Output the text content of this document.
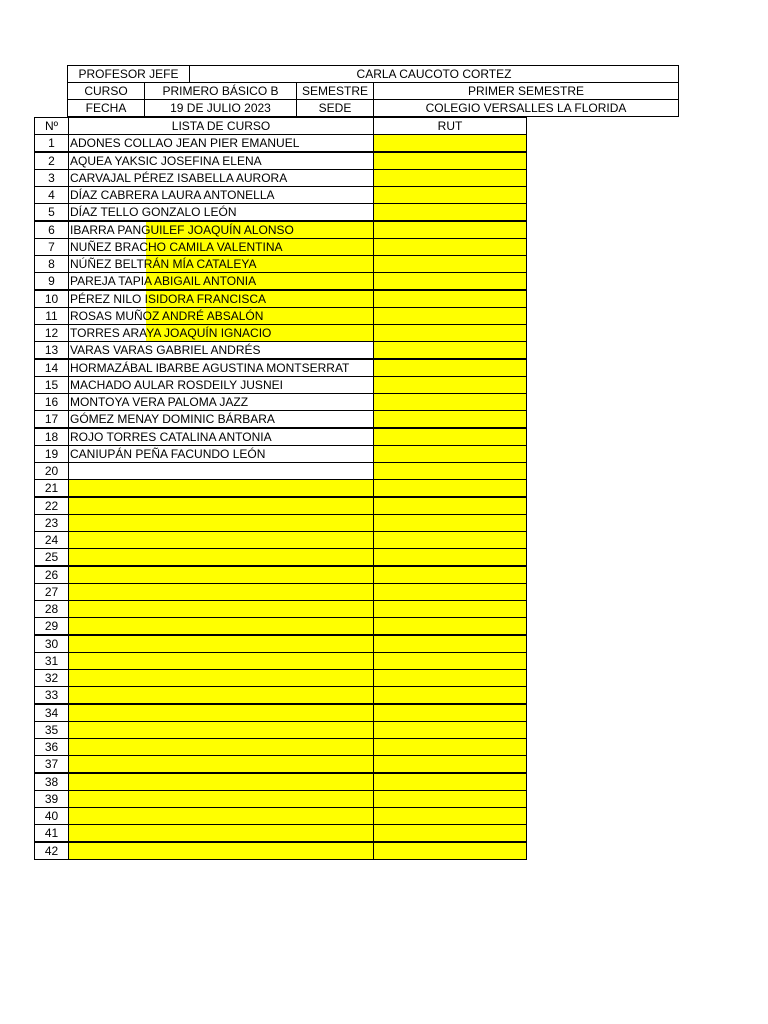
PROFESOR JEFE	CARLA CAUCOTO CORTEZ
CURSO	PRIMERO BÁSICO B	SEMESTRE	PRIMER SEMESTRE
FECHA	19 DE JULIO 2023	SEDE	COLEGIO VERSALLES LA FLORIDA
Nº	LISTA DE CURSO	RUT
1	ADONES COLLAO JEAN PIER EMANUEL
2	AQUEA YAKSIC JOSEFINA ELENA
3	CARVAJAL PÉREZ ISABELLA AURORA
4	DÍAZ CABRERA LAURA ANTONELLA
5	DÍAZ TELLO GONZALO LEÓN
6	IBARRA PANGUILEF JOAQUÍN ALONSO
7	NUÑEZ BRACHO CAMILA VALENTINA
8	NÚÑEZ BELTRÁN MÍA CATALEYA
9	PAREJA TAPIA ABIGAIL ANTONIA
10 PÉREZ NILO ISIDORA FRANCISCA
11	ROSAS MUÑOZ ANDRÉ ABSALÓN
12 TORRES ARAYA JOAQUÍN IGNACIO
13 VARAS VARAS GABRIEL ANDRÉS
14 HORMAZÁBAL IBARBE AGUSTINA MONTSERRAT
15 MACHADO AULAR ROSDEILY JUSNEI
16 MONTOYA VERA PALOMA JAZZ
17 GÓMEZ MENAY DOMINIC BÁRBARA
18 ROJO TORRES CATALINA ANTONIA
19 CANIUPÁN PEÑA FACUNDO LEÓN
20
21
22
23
24
25
26
27
28
29
30
31
32
33
34
35
36
37
38
39
40
41
42
